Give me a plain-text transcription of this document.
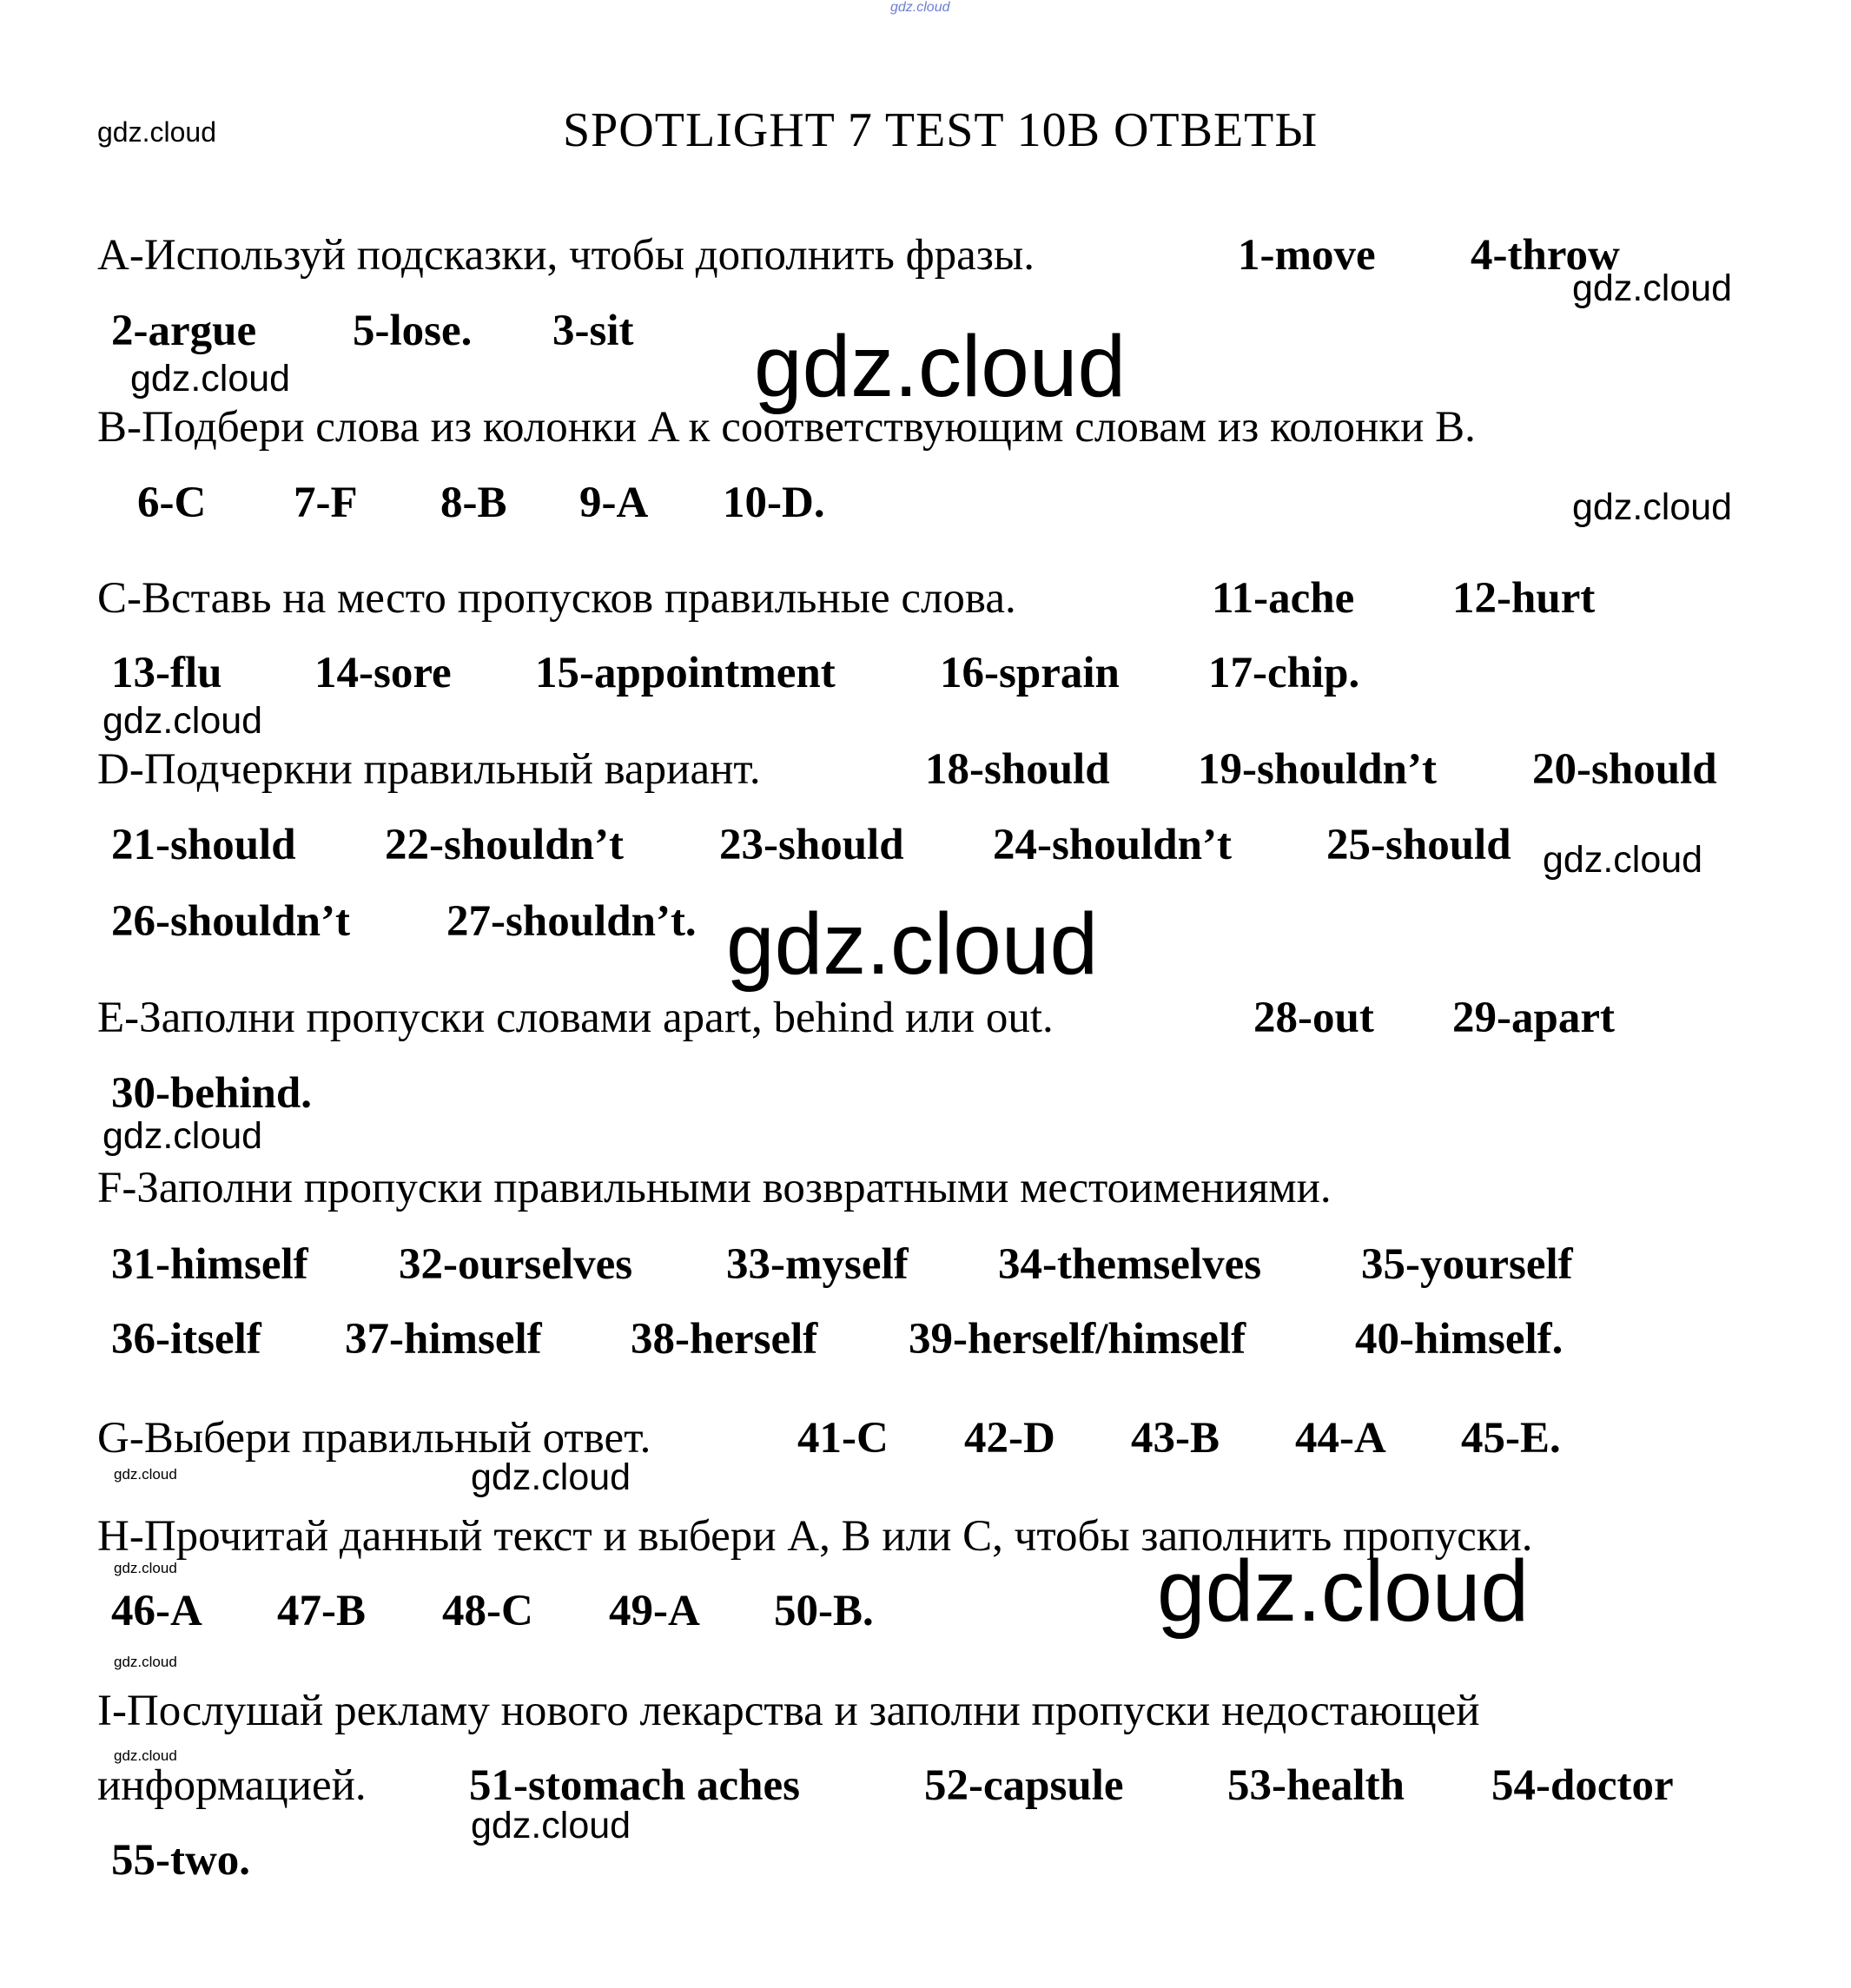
gdz.cloud
gdz.cloud	SPOTLIGHT 7 TEST 10B ОТВЕТЫ
A-Используй подсказки, чтобы дополнить фразы.	1-move 4-throw
gdz.cloud
2-argue 5-lose. 3-sit
gdz.cloud	gdz.cloud
B-Подбери слова из колонки A к соответствующим словам из колонки B.
6-C 7-F 8-B 9-A 10-D.	gdz.cloud
C-Вставь на место пропусков правильные слова.	11-ache 12-hurt
13-flu 14-sore 15-appointment 16-sprain 17-chip.
gdz.cloud
D-Подчеркни правильный вариант.	18-should 19-shouldn’t 20-should
21-should 22-shouldn’t 23-should 24-shouldn’t 25-should gdz.cloud
26-shouldn’t 27-shouldn’t. gdz.cloud
E-Заполни пропуски словами apart, behind или out.	28-out 29-apart
30-behind.
gdz.cloud
F-Заполни пропуски правильными возвратными местоимениями.
31-himself 32-ourselves 33-myself 34-themselves 35-yourself
36-itself 37-himself 38-herself 39-herself/himself 40-himself.
G-Выбери правильный ответ.	41-C 42-D 43-B 44-A 45-E.
gdz.cloud	gdz.cloud
H-Прочитай данный текст и выбери A, B или C, чтобы заполнить пропуски.
gdz.cloud
46-A 47-B 48-C 49-A 50-B.	gdz.cloud
gdz.cloud
I-Послушай рекламу нового лекарства и заполни пропуски недостающей
gdz.cloud
информацией. 51-stomach aches	52-capsule 53-health 54-doctor
gdz.cloud
55-two.
